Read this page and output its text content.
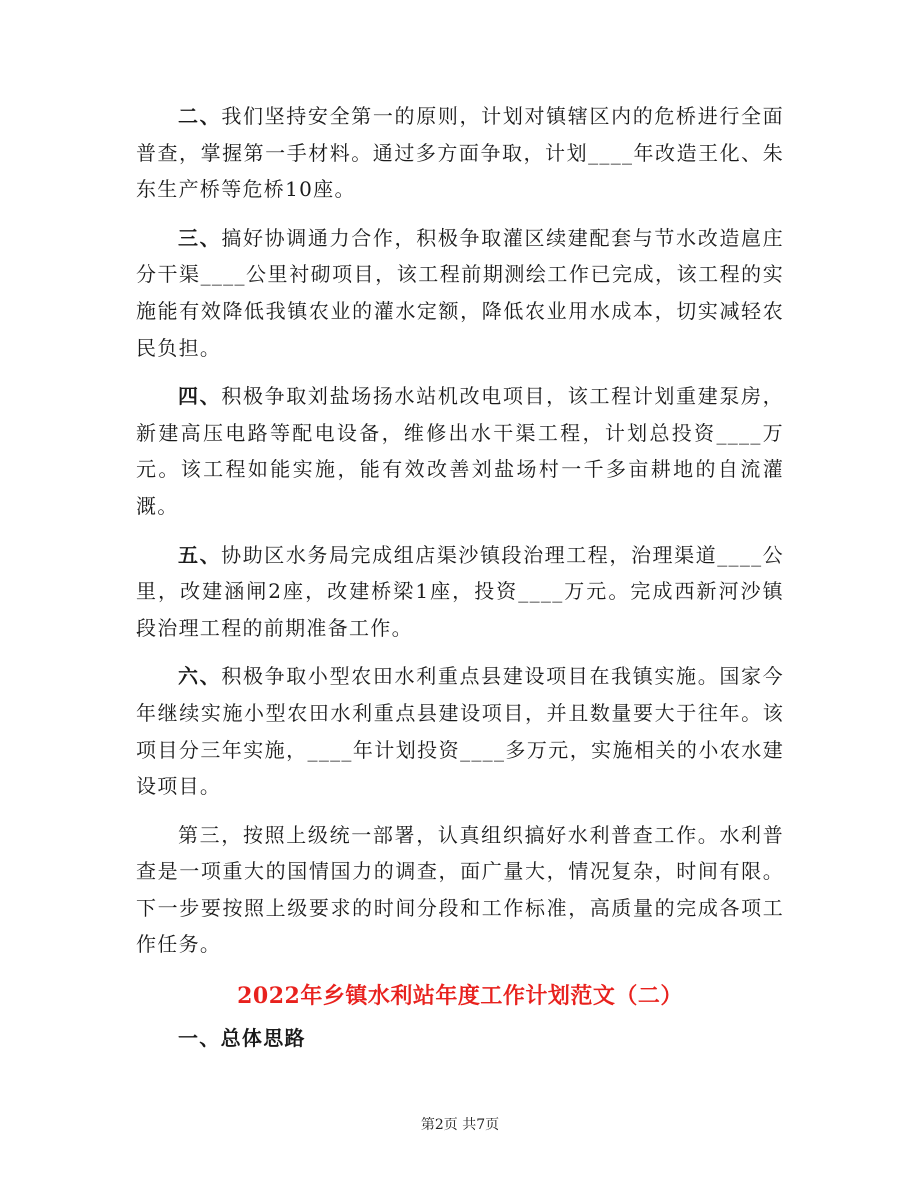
二、我们坚持安全第一的原则，计划对镇辖区内的危桥进行全面普查，掌握第一手材料。通过多方面争取，计划____年改造王化、朱东生产桥等危桥10座。

三、搞好协调通力合作，积极争取灌区续建配套与节水改造扈庄分干渠____公里衬砌项目，该工程前期测绘工作已完成，该工程的实施能有效降低我镇农业的灌水定额，降低农业用水成本，切实减轻农民负担。

四、积极争取刘盐场扬水站机改电项目，该工程计划重建泵房，新建高压电路等配电设备，维修出水干渠工程，计划总投资____万元。该工程如能实施，能有效改善刘盐场村一千多亩耕地的自流灌溉。

五、协助区水务局完成组店渠沙镇段治理工程，治理渠道____公里，改建涵闸2座，改建桥梁1座，投资____万元。完成西新河沙镇段治理工程的前期准备工作。

六、积极争取小型农田水利重点县建设项目在我镇实施。国家今年继续实施小型农田水利重点县建设项目，并且数量要大于往年。该项目分三年实施，____年计划投资____多万元，实施相关的小农水建设项目。

第三，按照上级统一部署，认真组织搞好水利普查工作。水利普查是一项重大的国情国力的调查，面广量大，情况复杂，时间有限。下一步要按照上级要求的时间分段和工作标准，高质量的完成各项工作任务。

2022年乡镇水利站年度工作计划范文（二）

一、总体思路

第2页 共7页
